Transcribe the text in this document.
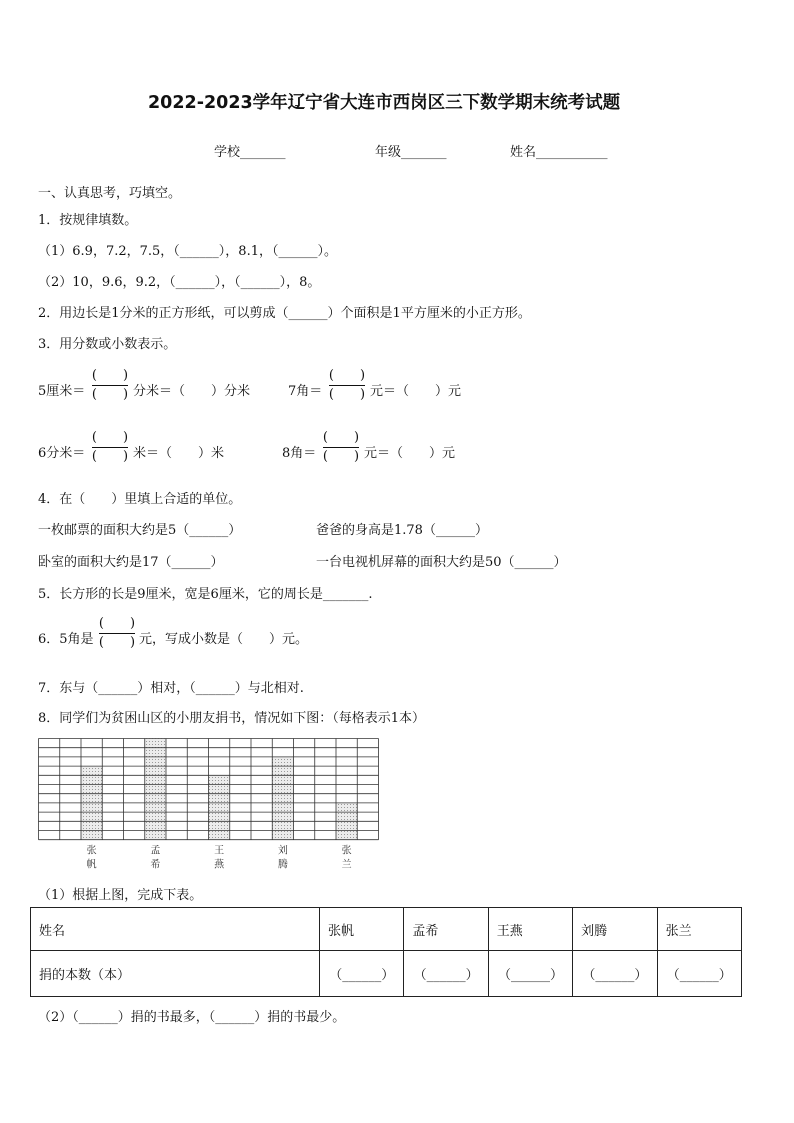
2022-2023学年辽宁省大连市西岗区三下数学期末统考试题
学校_______	年级_______	姓名___________
一、认真思考，巧填空。
1．按规律填数。
（1）6.9，7.2，7.5，（______），8.1，（______）。
（2）10，9.6，9.2，（______），（______），8。
2．用边长是1分米的正方形纸，可以剪成（______）个面积是1平方厘米的小正方形。
3．用分数或小数表示。
5厘米＝
(　　)
(　　) 分米＝（　　）分米	7角＝
(　　)
(　　) 元＝（　　）元
6分米＝
(　　)
(　　) 米＝（　　）米	8角＝
(　　)
(　　) 元＝（　　）元
4．在（　　）里填上合适的单位。
一枚邮票的面积大约是5（______）	爸爸的身高是1.78（______）
卧室的面积大约是17（______）	一台电视机屏幕的面积大约是50（______）
5．长方形的长是9厘米，宽是6厘米，它的周长是_______.
6．5角是
(　　)
(　　) 元，写成小数是（　　）元。
7．东与（______）相对，（______）与北相对.
8．同学们为贫困山区的小朋友捐书，情况如下图：（每格表示1本）
张
帆
孟
希
王
燕
刘
腾
张
兰
（1）根据上图，完成下表。
姓名	张帆	孟希	王燕	刘腾	张兰
捐的本数（本）	（______）	（______）	（______）	（______）	（______）
（2）（______）捐的书最多，（______）捐的书最少。
